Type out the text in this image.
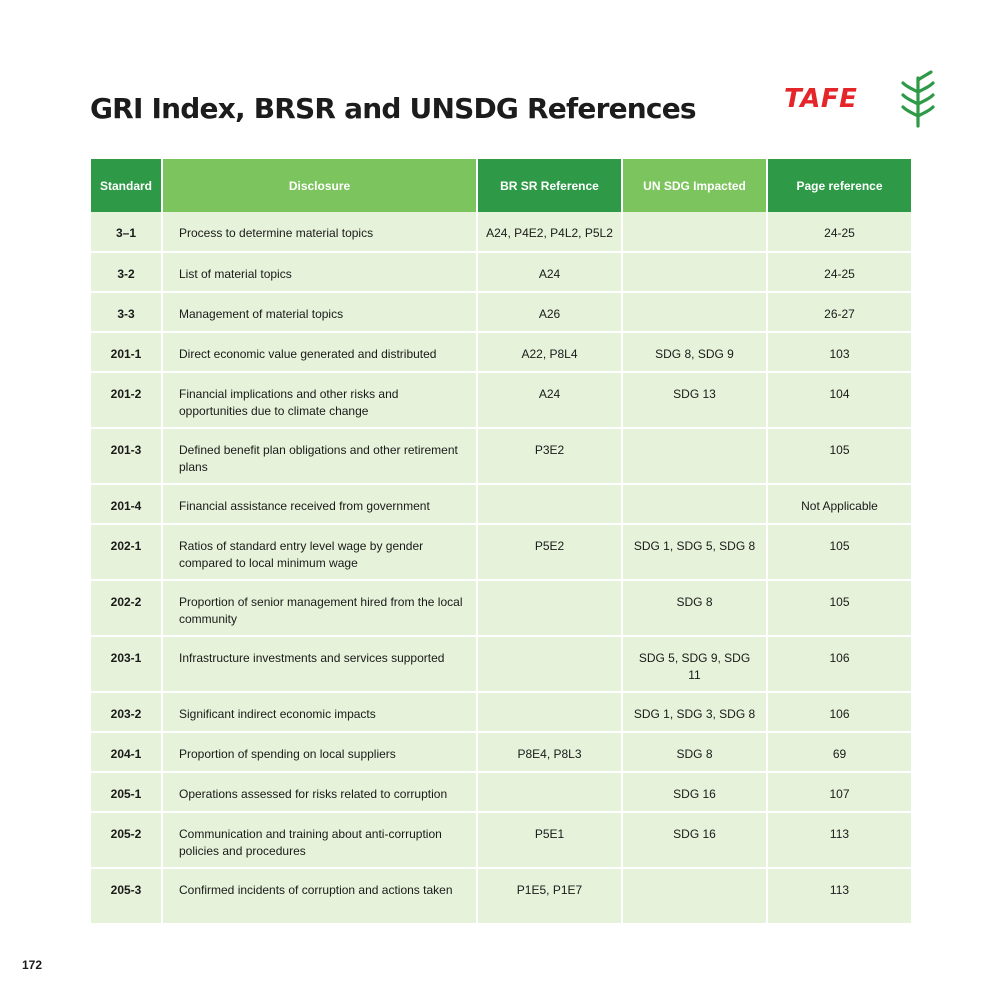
GRI Index, BRSR and UNSDG References	TAFE
Standard	Disclosure	BR SR Reference	UN SDG Impacted	Page reference
3–1	Process to determine material topics	A24, P4E2, P4L2, P5L2		24-25
3-2	List of material topics	A24		24-25
3-3	Management of material topics	A26		26-27
201-1	Direct economic value generated and distributed	A22, P8L4	SDG 8, SDG 9	103
201-2	Financial implications and other risks and opportunities due to climate change	A24	SDG 13	104
201-3	Defined benefit plan obligations and other retirement plans	P3E2		105
201-4	Financial assistance received from government			Not Applicable
202-1	Ratios of standard entry level wage by gender compared to local minimum wage	P5E2	SDG 1, SDG 5, SDG 8	105
202-2	Proportion of senior management hired from the local community		SDG 8	105
203-1	Infrastructure investments and services supported		SDG 5, SDG 9, SDG 11	106
203-2	Significant indirect economic impacts		SDG 1, SDG 3, SDG 8	106
204-1	Proportion of spending on local suppliers	P8E4, P8L3	SDG 8	69
205-1	Operations assessed for risks related to corruption		SDG 16	107
205-2	Communication and training about anti-corruption policies and procedures	P5E1	SDG 16	113
205-3	Confirmed incidents of corruption and actions taken	P1E5, P1E7		113
172
